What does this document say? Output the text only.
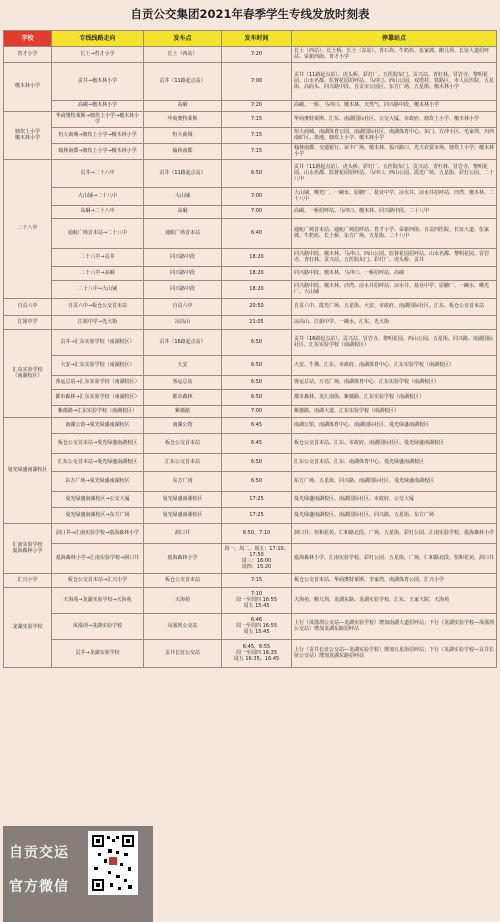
自贡公交集团2021年春季学生专线发放时刻表
学校	专线线路走向	发车点	发车时间	停靠站点
育才小学	长土→育才小学	长土（西站）	7:20	长土（西站）、长土桥、长土（东站）、青石坎、牛奶坊、伍家坡、鹅儿坝、长征大道招呼站、荣新西街、育才小学
檀木林小学	贡井→檀木林小学	贡井（11路起点站）	7:00	贡井（11路起点站）、虎头桥、彩灯厂、五医院东门、贡兴站、青杠林、冒岩寺、黎明花园、山水名都、监督花园招呼站、马冲口、西山公园、双塔村、铁路区、市人民医院、五星街、高码头、同兴路中段、自贡市公园区、东方广场、五星街、檀木林小学
	高硐→檀木林小学	高硐	7:20	高硐、一桥、马冲口、檀木林、天然气、同兴路中段、檀木林小学
塘坎上小学
檀木林小学	华商奥特莱斯→塘坎上小学→檀木林小学	华商奥特莱斯	7:15	华商奥特莱斯、汇东、南湖国际社区、公交大厦、市政府、塘坎上小学、檀木林小学
	恒大商城→塘坎上小学→檀木林小学	恒大商城	7:15	恒大商城、南湖体育公园、南湖国际社区、南湖体育中心、东门、方冲小区、毛家坝、川西南矿区、墨地、塘坎上小学、檀木林小学
	翰林南郡→塘坎上小学→檀木林小学	翰林南郡	7:15	翰林南郡、交通银行、荣丰广场、檀木林、福兴路口、光大农贸市场、塘坎上小学、檀木林小学
二十八中	贡井→二十八中	贡井（11路起点站）	6:50	贡井（11路起点站）、虎头桥、彩灯厂、五医院东门、贡兴站、青杠林、冒岩寺、黎明花园、山水名都、监督花园招呼站、马冲口、西山公园、霞光广场、五星街、彩灯公园、二十八中
	大山铺→二十八中	大山铺	7:00	大山铺、曙光厂、一碗水、原糖厂、盐业中学、凉水井、凉水井招呼站、沙湾、檀木林、二十八中
	高硐→二十八中	高硐	7:00	高硐、一桥招呼站、马冲口、檀木林、同兴路中段、二十八中
	通航广场首末站→二十八中	通航广场首末站	6:40	通航广场首末站、通航广场招呼站、育才小学、荣新西街、自贡四医院、长征大道、伍家坡、牛奶坊、长土桥、东方广场、五星街、二十八中
	二十八中→贡井	同兴路中段	18:20	同兴路中段、檀木林、马冲口、西山公园、监督花园招呼站、山水名都、黎明花园、冒岩寺、青杠林、贡兴站、五医院东门、彩灯厂、虎头桥、贡井
	二十八中→高硐	同兴路中段	18:20	同兴路中段、檀木林、马冲口、一桥招呼站、高硐
	二十八中→大山铺	同兴路中段	18:20	同兴路中段、檀木林、沙湾、凉水井招呼站、凉水井、盐业中学、原糖厂、一碗水、曙光厂、大山铺
自贡六中	自贡六中→板仓公交首末站	自贡六中	20:50	自贡六中、霞光广场、五星街、大安、市政府、南湖国际社区、汇东、板仓公交首末站
江姐中学	江姐中学→光大街	凉高山	21:05	凉高山、江姐中学、一碗水、汇东、光大街
汇东实验学校
（南湖校区）	贡井→汇东实验学校（南湖校区）	贡井（16路起点站）	6:50	贡井（16路起点站）、贡兴站、冒岩寺、黎明花园、西山公园、五星街、同兴路、南湖国际社区、汇东实验学校（南湖校区）
	大安→汇东实验学校（南湖校区）	大安	6:50	大安、牛佛、汇东、市政府、南湖体育中心、汇东实验学校（南湖校区）
	客运总站→汇东实验学校（南湖校区）	客运总站	6:50	客运总站、万达广场、南湖体育中心、汇东实验学校（南湖校区）
	都市森林→汇东实验学校（南湖校区）	都市森林	6:50	都市森林、龙汇南街、紫薇路、汇东实验学校（南湖校区）
	紫薇路→汇东实验学校（南湖校区）	紫薇路	7:00	紫薇路、南湖大道、汇东实验学校（南湖校区）
曼光绿盛南湖校区	南湖公馆→曼光绿盛南湖校区	南湖公馆	6:45	南湖公馆、南湖体育中心、南湖国际社区、曼光绿盛南湖校区
	板仓公交首末站→曼光绿盛南湖校区	板仓公交首末站	6:45	板仓公交首末站、汇东、市政府、南湖国际社区、曼光绿盛南湖校区
	汇东公交首末站→曼光绿盛南湖校区	汇东公交首末站	6:50	汇东公交首末站、汇东、南湖体育中心、曼光绿盛南湖校区
	东方广场→曼光绿盛南湖校区	东方广场	6:50	东方广场、五星街、同兴路、南湖国际社区、曼光绿盛南湖校区
	曼光绿盛南湖校区→公交大厦	曼光绿盛南湖校区	17:25	曼光绿盛南湖校区、南湖国际社区、市政府、公交大厦
	曼光绿盛南湖校区→东方广场	曼光绿盛南湖校区	17:25	曼光绿盛南湖校区、南湖国际社区、同兴路、五星街、东方广场
汇南实验学校
燊海森林小学	洞口井→汇南实验学校→燊海森林小学	洞口井	6:50、7:10	洞口井、恒和花苑、仁和路北段、广场、五星街、彩灯公园、汇南实验学校、燊海森林小学
	燊海森林小学→汇南实验学校→洞口井	燊海森林小学	周一、周二、周五：17:10、17:50
周三：16:00
周四：15:20	燊海森林小学、汇南实验学校、彩灯公园、五星街、广场、仁和路北段、恒和花苑、洞口井
汇兴小学	板仓公交首末站→汇兴小学	板仓公交首末站	7:15	板仓公交首末站、华商奥特莱斯、李家湾、南湖体育公园、汇兴小学
龙湖实验学校	天海苑→龙湖实验学校→天海苑	天海苑	7:10
周一至周四 16:55
周五 15:45	天海苑、鹅儿坝、龙湖东路、龙湖实验学校、汇东、王家大院、天海苑
	凤凰坝→龙湖实验学校	凤凰坝公交站	6:46
周一至周四 16:55
周五 15:45	上行（凤凰坝公交站—龙湖实验学校）增加南湖大道招呼站；下行（龙湖实验学校—凤凰坝公交站）增加龙湖东路招呼站
	贡井→龙湖实验学校	贡井长征公交站	6:45、6:55
周一至周四 16:35
周五 16:35、16:45	上行（贡井长征公交站—龙湖实验学校）增加五星街招呼站；下行（龙湖实验学校—贡井长征公交站）增加龙湖东路招呼站
自贡交运
官方微信
